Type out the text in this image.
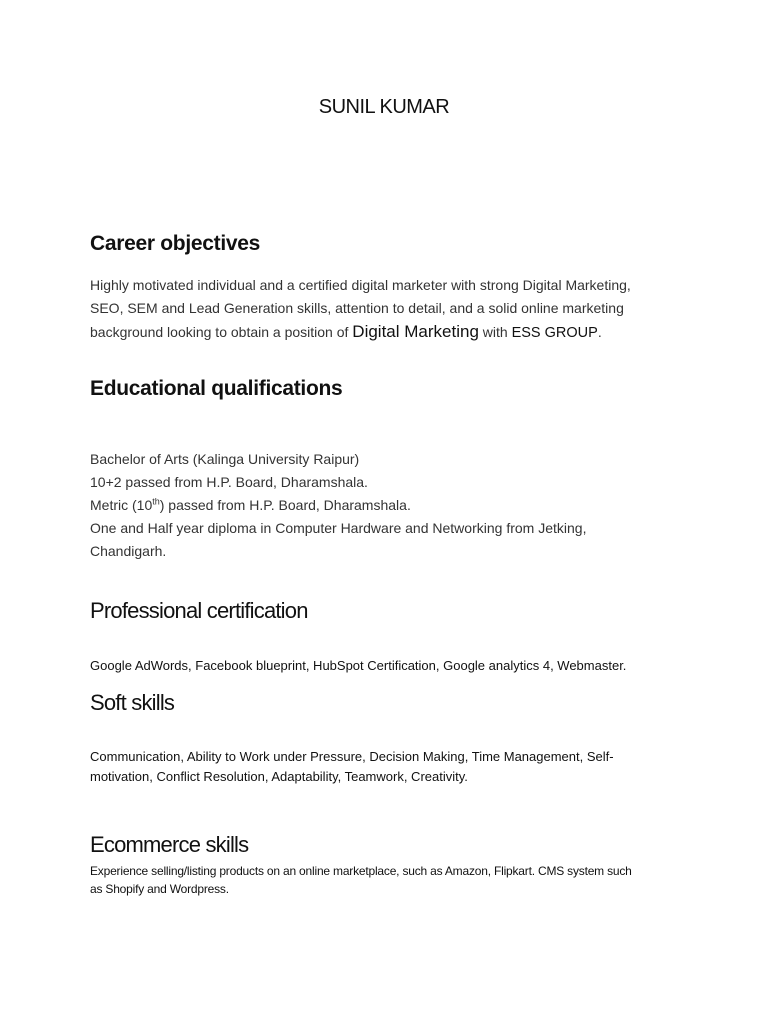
SUNIL KUMAR
Career objectives
Highly motivated individual and a certified digital marketer with strong Digital Marketing,
SEO, SEM and Lead Generation skills, attention to detail, and a solid online marketing
background looking to obtain a position of Digital Marketing with ESS GROUP.
Educational qualifications
Bachelor of Arts (Kalinga University Raipur)
10+2 passed from H.P. Board, Dharamshala.
Metric (10th) passed from H.P. Board, Dharamshala.
One and Half year diploma in Computer Hardware and Networking from Jetking,
Chandigarh.
Professional certification
Google AdWords, Facebook blueprint, HubSpot Certification, Google analytics 4, Webmaster.
Soft skills
Communication, Ability to Work under Pressure, Decision Making, Time Management, Self-
motivation, Conflict Resolution, Adaptability, Teamwork, Creativity.
Ecommerce skills
Experience selling/listing products on an online marketplace, such as Amazon, Flipkart. CMS system such
as Shopify and Wordpress.
